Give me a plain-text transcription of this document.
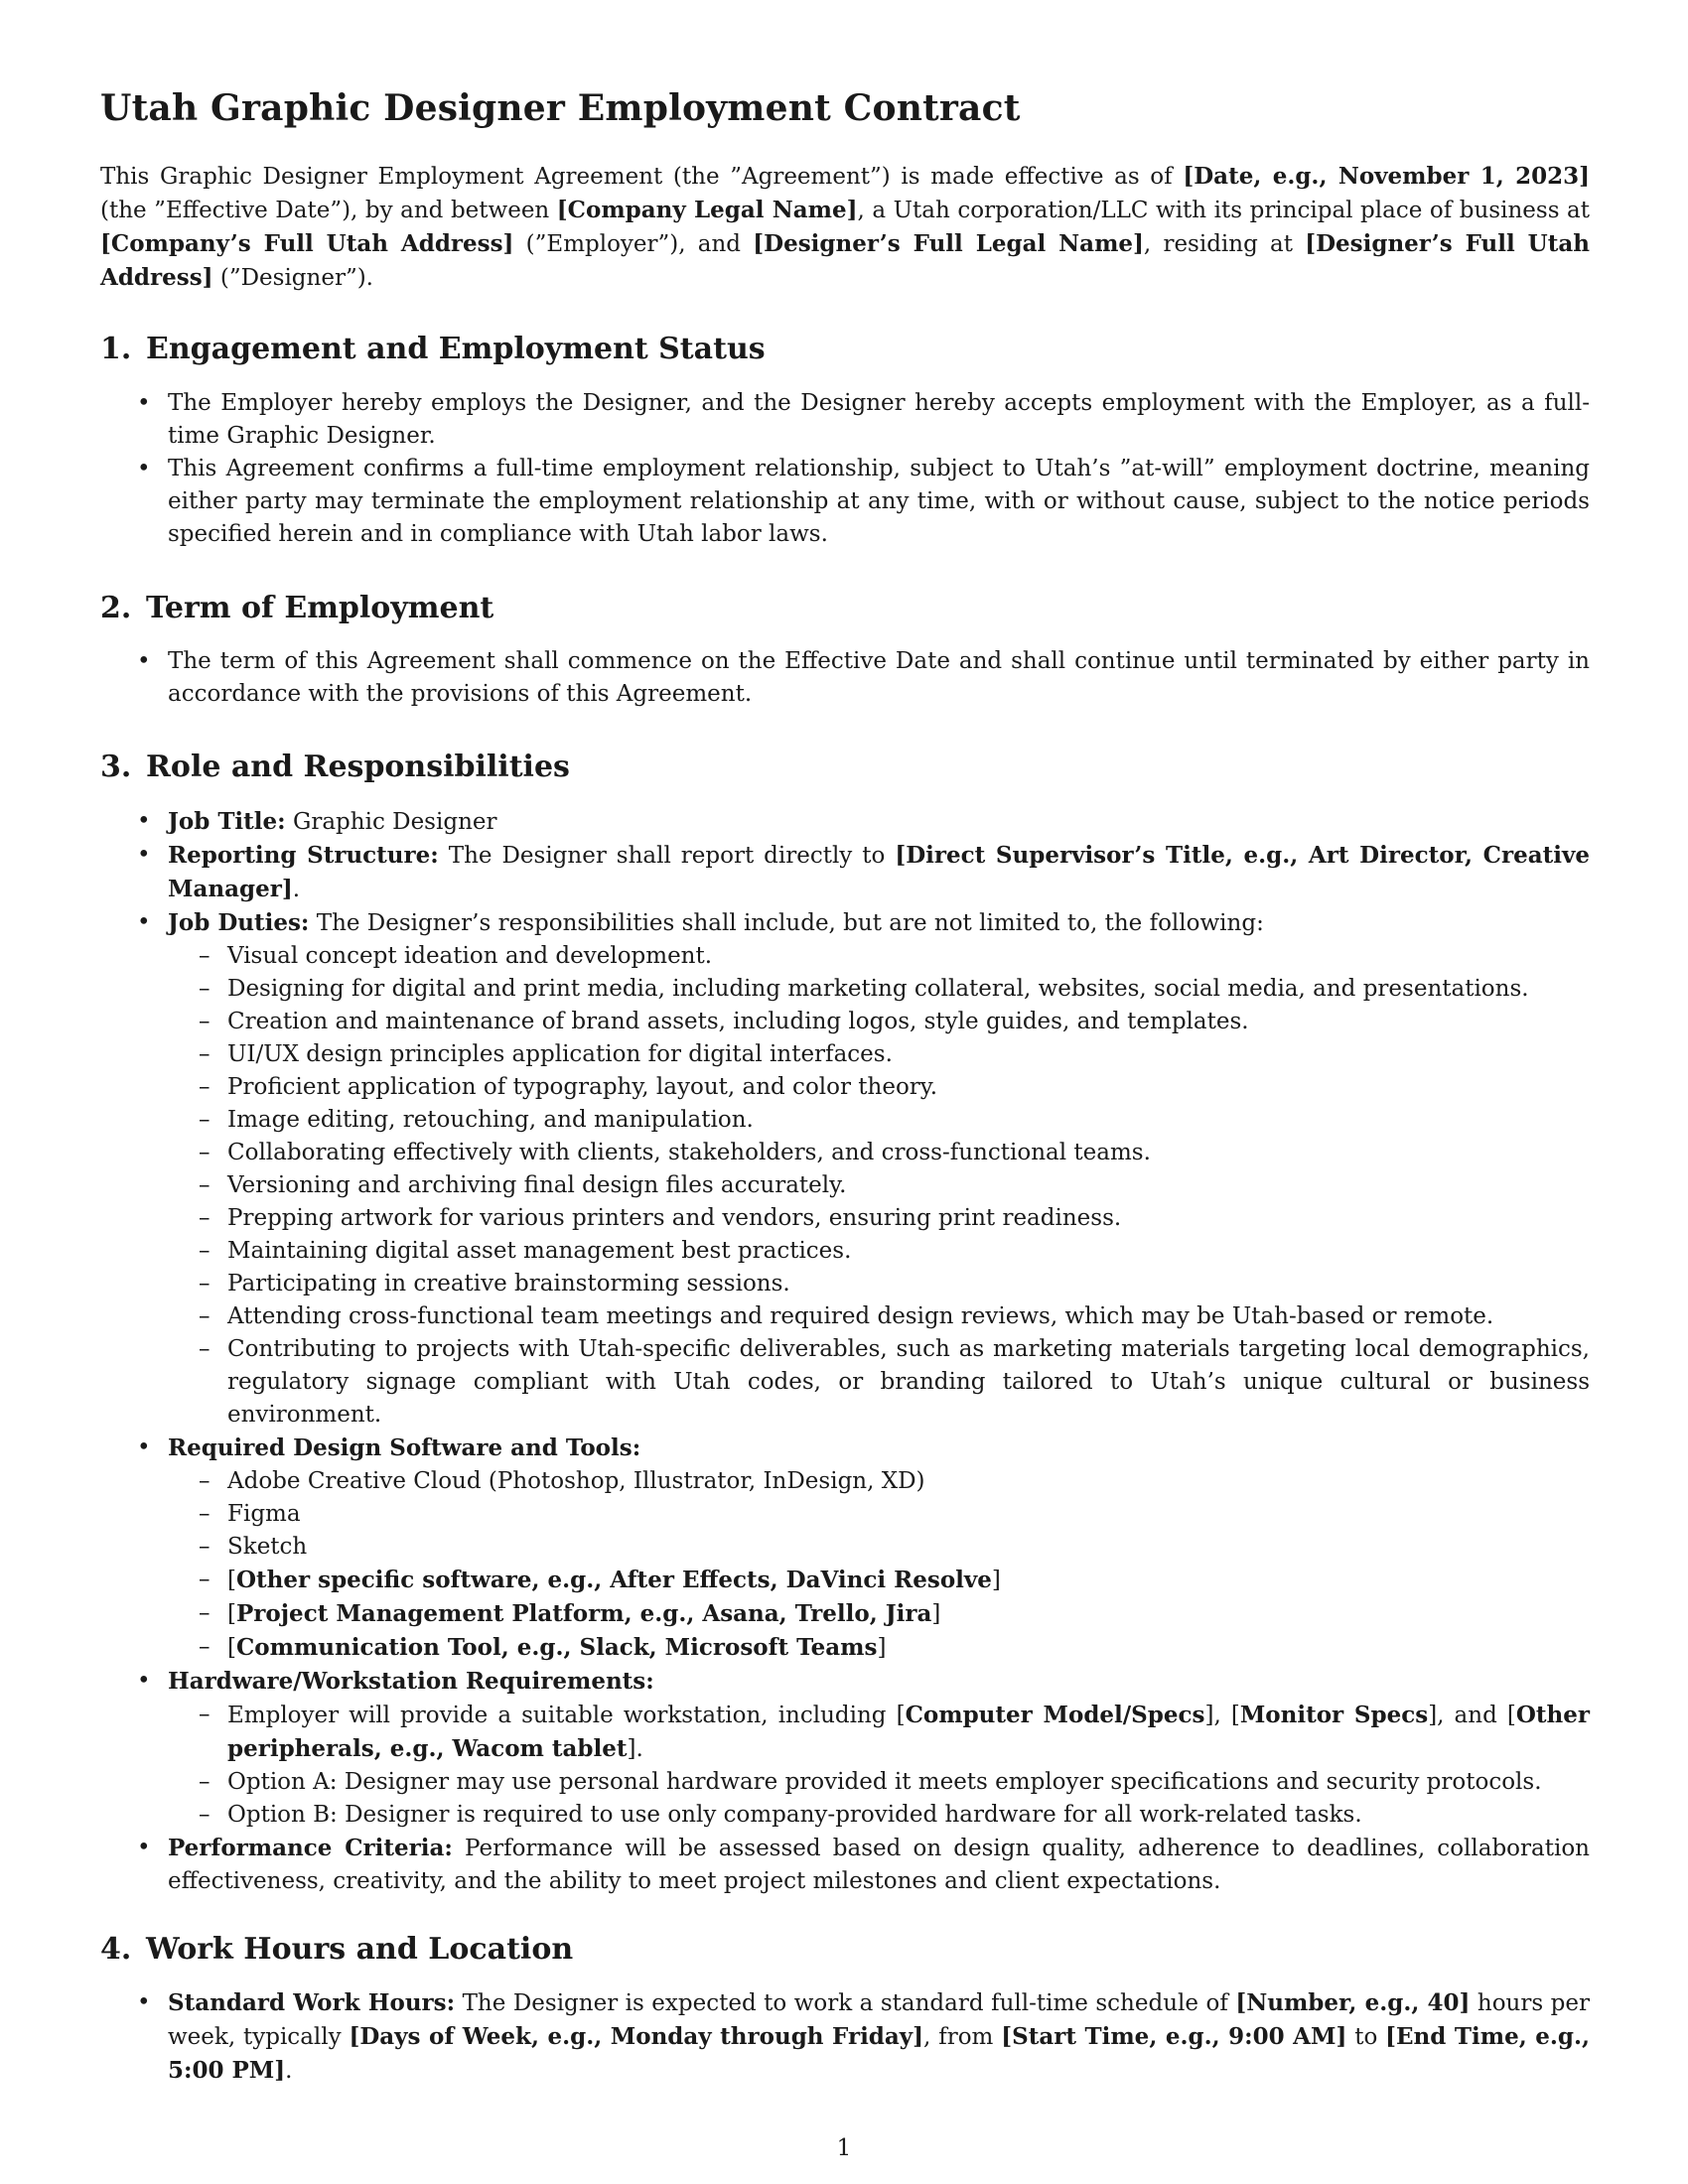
Utah Graphic Designer Employment Contract

This Graphic Designer Employment Agreement (the ”Agreement”) is made effective as of [Date, e.g., November 1, 2023] (the ”Effective Date”), by and between [Company Legal Name], a Utah corporation/LLC with its principal place of business at [Company’s Full Utah Address] (”Employer”), and [Designer’s Full Legal Name], residing at [Designer’s Full Utah Address] (”Designer”).

1. Engagement and Employment Status
• The Employer hereby employs the Designer, and the Designer hereby accepts employment with the Employer, as a full-time Graphic Designer.
• This Agreement confirms a full-time employment relationship, subject to Utah’s ”at-will” employment doctrine, meaning either party may terminate the employment relationship at any time, with or without cause, subject to the notice periods specified herein and in compliance with Utah labor laws.
2. Term of Employment
• The term of this Agreement shall commence on the Effective Date and shall continue until terminated by either party in accordance with the provisions of this Agreement.
3. Role and Responsibilities
• Job Title: Graphic Designer
• Reporting Structure: The Designer shall report directly to [Direct Supervisor’s Title, e.g., Art Director, Creative Manager].
• Job Duties: The Designer’s responsibilities shall include, but are not limited to, the following:
– Visual concept ideation and development.
– Designing for digital and print media, including marketing collateral, websites, social media, and presentations.
– Creation and maintenance of brand assets, including logos, style guides, and templates.
– UI/UX design principles application for digital interfaces.
– Proficient application of typography, layout, and color theory.
– Image editing, retouching, and manipulation.
– Collaborating effectively with clients, stakeholders, and cross-functional teams.
– Versioning and archiving final design files accurately.
– Prepping artwork for various printers and vendors, ensuring print readiness.
– Maintaining digital asset management best practices.
– Participating in creative brainstorming sessions.
– Attending cross-functional team meetings and required design reviews, which may be Utah-based or remote.
– Contributing to projects with Utah-specific deliverables, such as marketing materials targeting local demographics, regulatory signage compliant with Utah codes, or branding tailored to Utah’s unique cultural or business environment.
• Required Design Software and Tools:
– Adobe Creative Cloud (Photoshop, Illustrator, InDesign, XD)
– Figma
– Sketch
– [Other specific software, e.g., After Effects, DaVinci Resolve]
– [Project Management Platform, e.g., Asana, Trello, Jira]
– [Communication Tool, e.g., Slack, Microsoft Teams]
• Hardware/Workstation Requirements:
– Employer will provide a suitable workstation, including [Computer Model/Specs], [Monitor Specs], and [Other peripherals, e.g., Wacom tablet].
– Option A: Designer may use personal hardware provided it meets employer specifications and security protocols.
– Option B: Designer is required to use only company-provided hardware for all work-related tasks.
• Performance Criteria: Performance will be assessed based on design quality, adherence to deadlines, collaboration effectiveness, creativity, and the ability to meet project milestones and client expectations.
4. Work Hours and Location
• Standard Work Hours: The Designer is expected to work a standard full-time schedule of [Number, e.g., 40] hours per week, typically [Days of Week, e.g., Monday through Friday], from [Start Time, e.g., 9:00 AM] to [End Time, e.g., 5:00 PM].
1
